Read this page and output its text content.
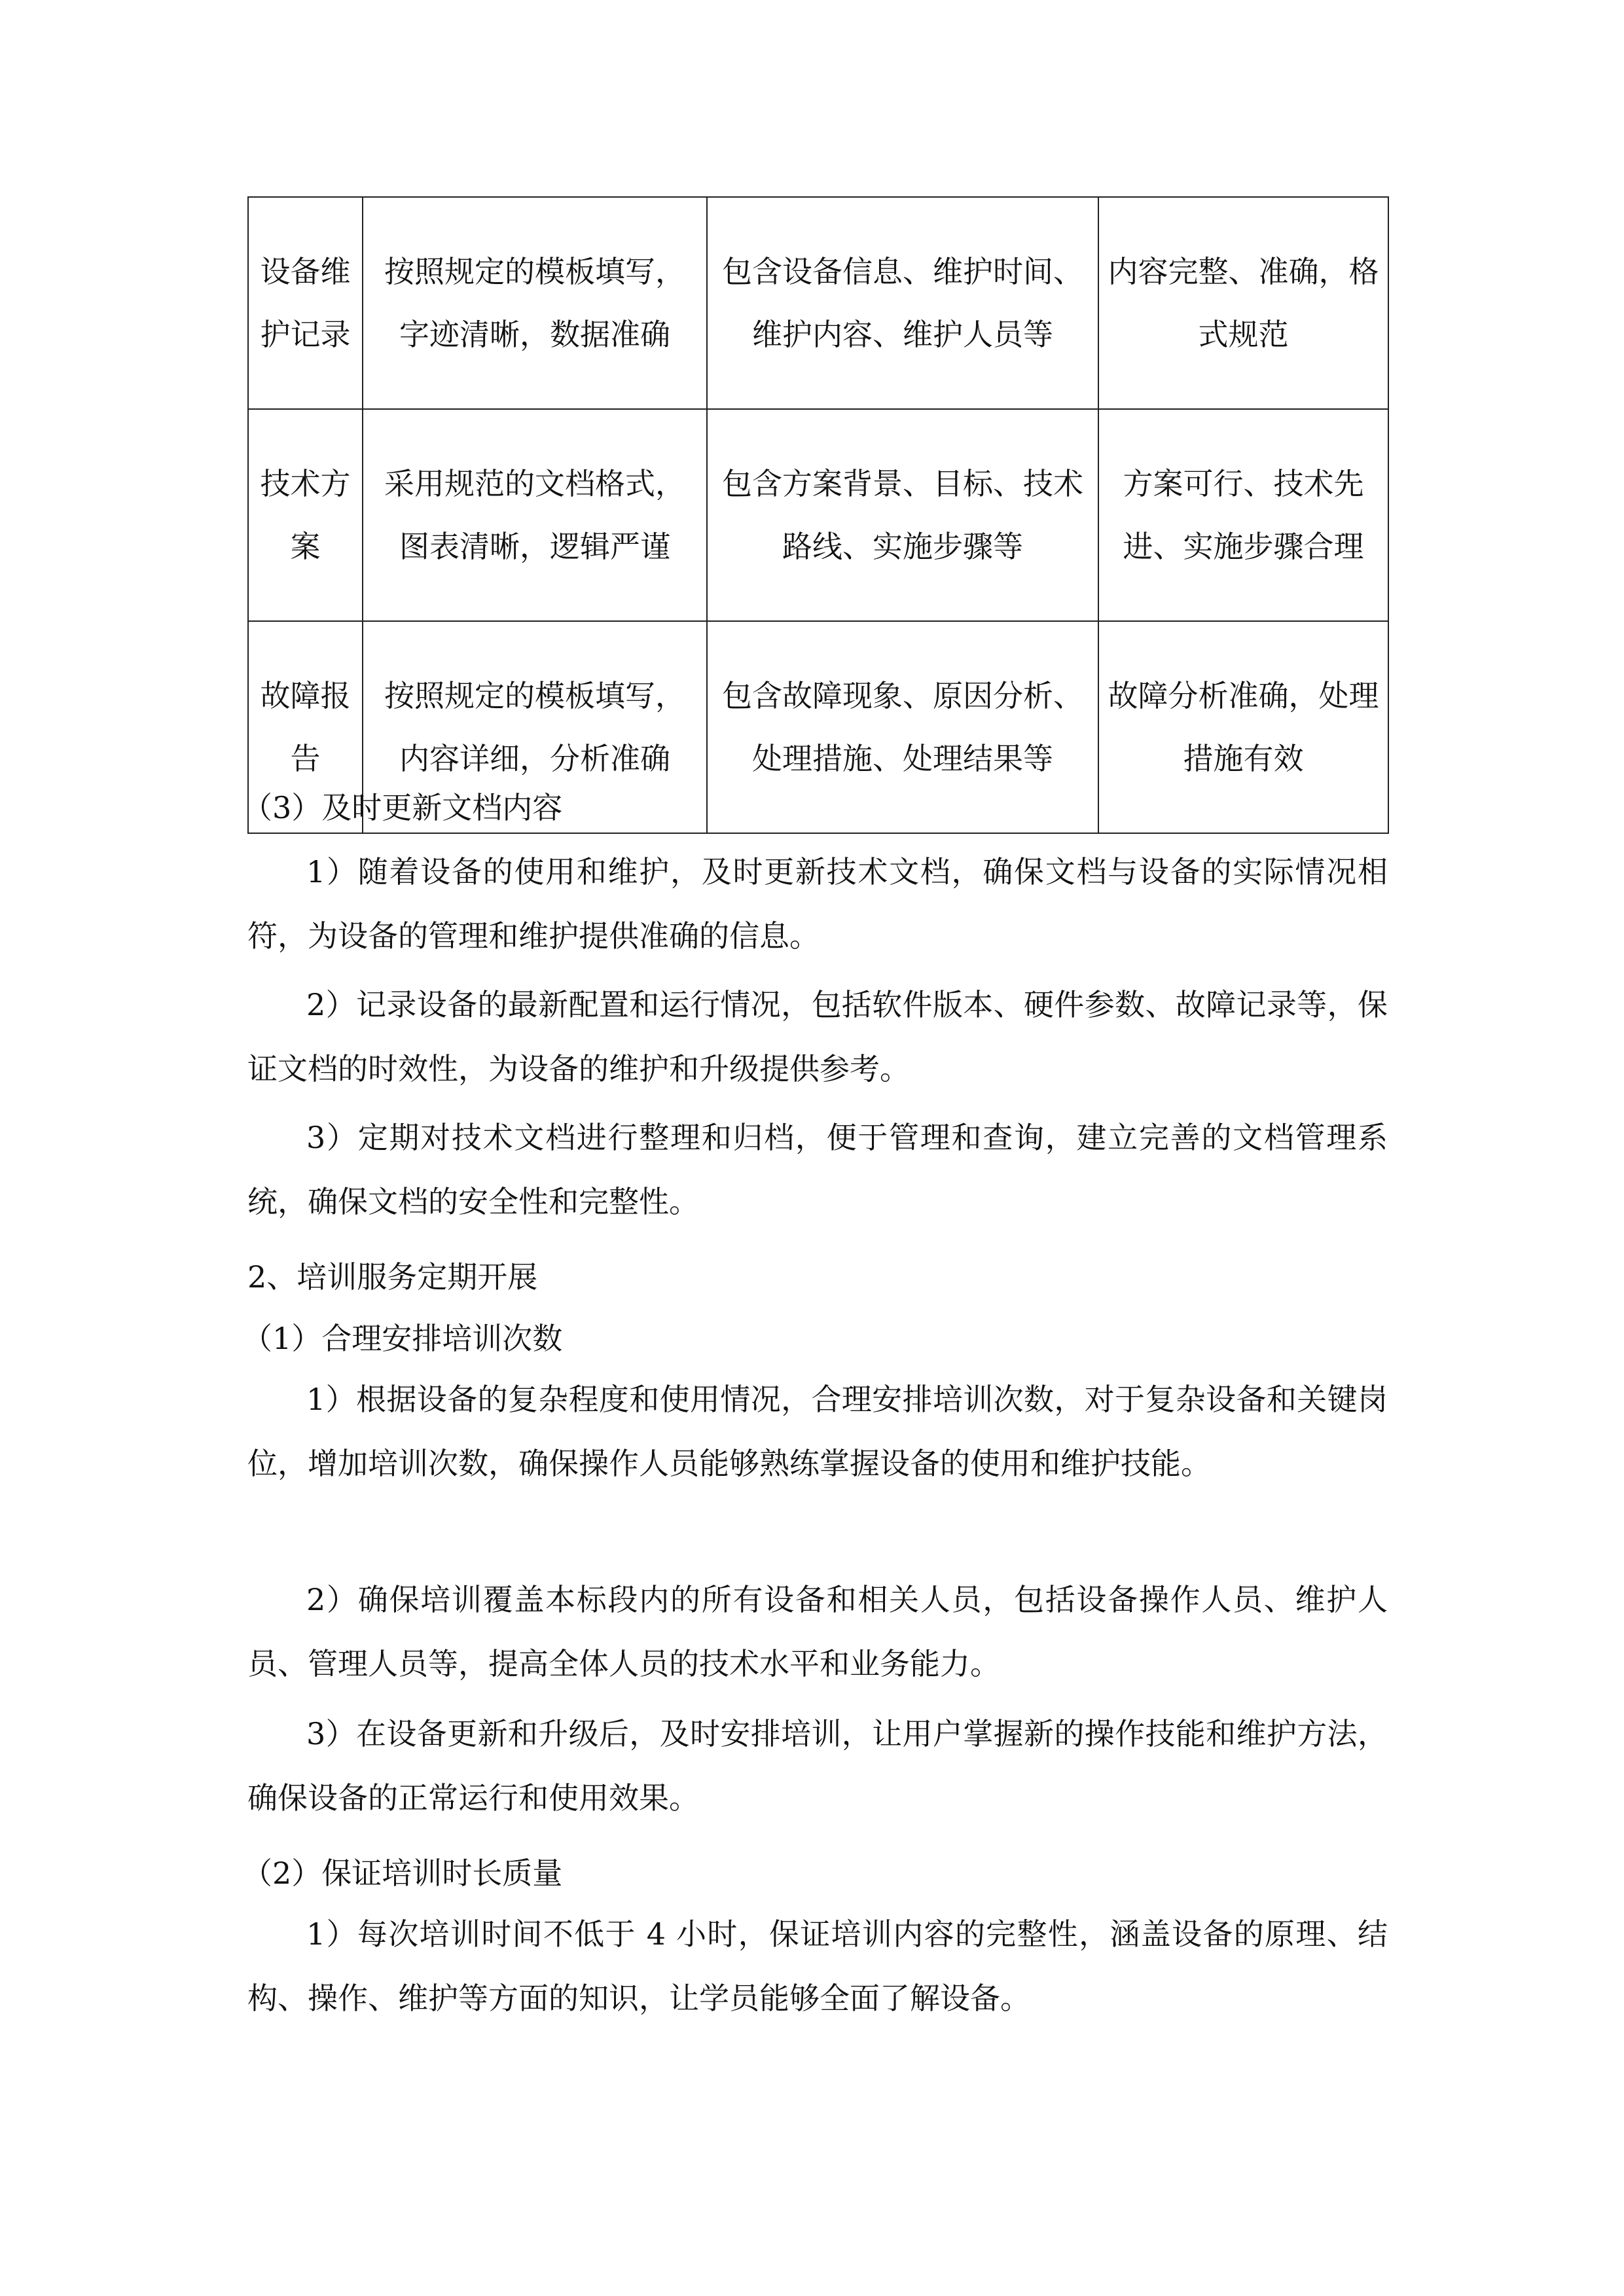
设备维护记录	按照规定的模板填写，字迹清晰，数据准确	包含设备信息、维护时间、维护内容、维护人员等	内容完整、准确，格式规范
技术方案	采用规范的文档格式，图表清晰，逻辑严谨	包含方案背景、目标、技术路线、实施步骤等	方案可行、技术先进、实施步骤合理
故障报告	按照规定的模板填写，内容详细，分析准确	包含故障现象、原因分析、处理措施、处理结果等	故障分析准确，处理措施有效

（3）及时更新文档内容

1）随着设备的使用和维护，及时更新技术文档，确保文档与设备的实际情况相符，为设备的管理和维护提供准确的信息。

2）记录设备的最新配置和运行情况，包括软件版本、硬件参数、故障记录等，保证文档的时效性，为设备的维护和升级提供参考。

3）定期对技术文档进行整理和归档，便于管理和查询，建立完善的文档管理系统，确保文档的安全性和完整性。

2、培训服务定期开展

（1）合理安排培训次数

1）根据设备的复杂程度和使用情况，合理安排培训次数，对于复杂设备和关键岗位，增加培训次数，确保操作人员能够熟练掌握设备的使用和维护技能。

2）确保培训覆盖本标段内的所有设备和相关人员，包括设备操作人员、维护人员、管理人员等，提高全体人员的技术水平和业务能力。

3）在设备更新和升级后，及时安排培训，让用户掌握新的操作技能和维护方法，确保设备的正常运行和使用效果。

（2）保证培训时长质量

1）每次培训时间不低于 4 小时，保证培训内容的完整性，涵盖设备的原理、结构、操作、维护等方面的知识，让学员能够全面了解设备。
